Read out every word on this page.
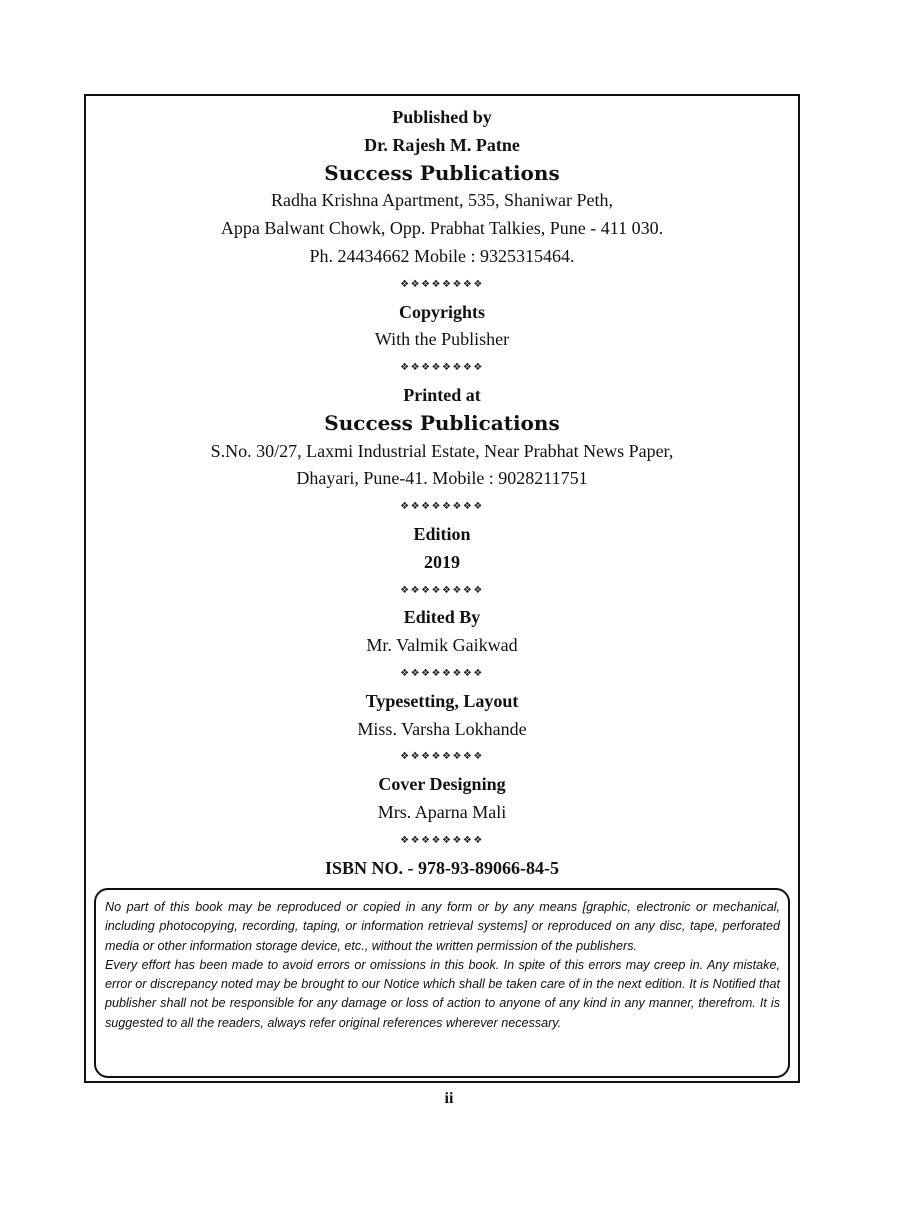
Published by
Dr. Rajesh M. Patne
Success Publications
Radha Krishna Apartment, 535, Shaniwar Peth,
Appa Balwant Chowk, Opp. Prabhat Talkies, Pune - 411 030.
Ph. 24434662 Mobile : 9325315464.
❖❖❖❖❖❖❖❖
Copyrights
With the Publisher
❖❖❖❖❖❖❖❖
Printed at
Success Publications
S.No. 30/27, Laxmi Industrial Estate, Near Prabhat News Paper,
Dhayari, Pune-41. Mobile : 9028211751
❖❖❖❖❖❖❖❖
Edition
2019
❖❖❖❖❖❖❖❖
Edited By
Mr. Valmik Gaikwad
❖❖❖❖❖❖❖❖
Typesetting, Layout
Miss. Varsha Lokhande
❖❖❖❖❖❖❖❖
Cover Designing
Mrs. Aparna Mali
❖❖❖❖❖❖❖❖
ISBN NO. - 978-93-89066-84-5

No part of this book may be reproduced or copied in any form or by any means [graphic, electronic or mechanical, including photocopying, recording, taping, or information retrieval systems] or reproduced on any disc, tape, perforated media or other information storage device, etc., without the written permission of the publishers.

Every effort has been made to avoid errors or omissions in this book. In spite of this errors may creep in. Any mistake, error or discrepancy noted may be brought to our Notice which shall be taken care of in the next edition. It is Notified that publisher shall not be responsible for any damage or loss of action to anyone of any kind in any manner, therefrom. It is suggested to all the readers, always refer original references wherever necessary.

ii
